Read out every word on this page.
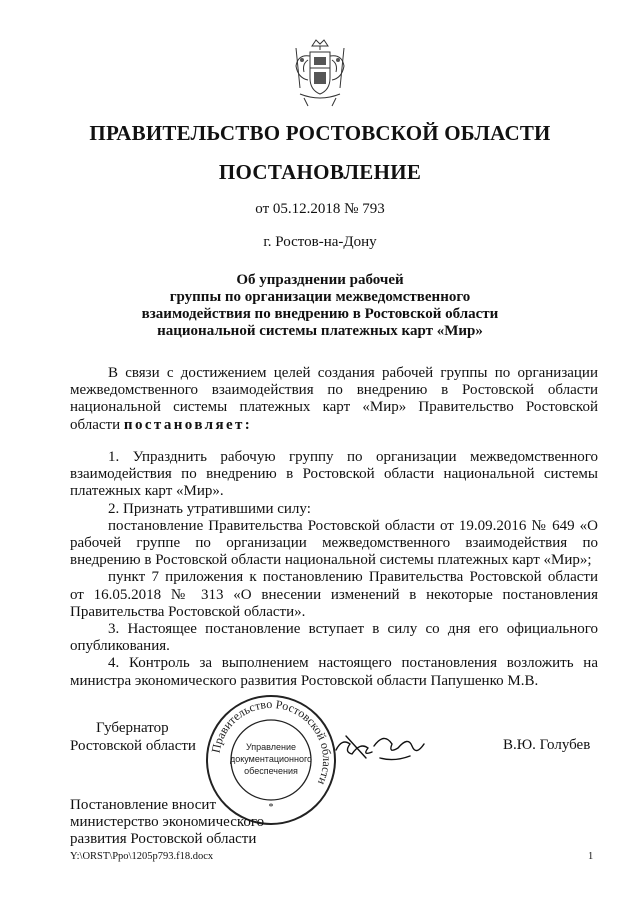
ПРАВИТЕЛЬСТВО РОСТОВСКОЙ ОБЛАСТИ
ПОСТАНОВЛЕНИЕ
от 05.12.2018 № 793
г. Ростов-на-Дону
Об упразднении рабочей
группы по организации межведомственного
взаимодействия по внедрению в Ростовской области
национальной системы платежных карт «Мир»

В связи с достижением целей создания рабочей группы по организации межведомственного взаимодействия по внедрению в Ростовской области национальной системы платежных карт «Мир» Правительство Ростовской области постановляет:

1. Упразднить рабочую группу по организации межведомственного взаимодействия по внедрению в Ростовской области национальной системы платежных карт «Мир».

2. Признать утратившими силу:

постановление Правительства Ростовской области от 19.09.2016 № 649 «О рабочей группе по организации межведомственного взаимодействия по внедрению в Ростовской области национальной системы платежных карт «Мир»;

пункт 7 приложения к постановлению Правительства Ростовской области от 16.05.2018 № 313 «О внесении изменений в некоторые постановления Правительства Ростовской области».

3. Настоящее постановление вступает в силу со дня его официального опубликования.

4. Контроль за выполнением настоящего постановления возложить на министра экономического развития Ростовской области Папушенко М.В.

Губернатор
Ростовской области Правительство Ростовской области
Управление
документационного
обеспечения
*
В.Ю. Голубев
Постановление вносит
министерство экономического
развития Ростовской области
Y:\ORST\Ppo\1205p793.f18.docx	1
